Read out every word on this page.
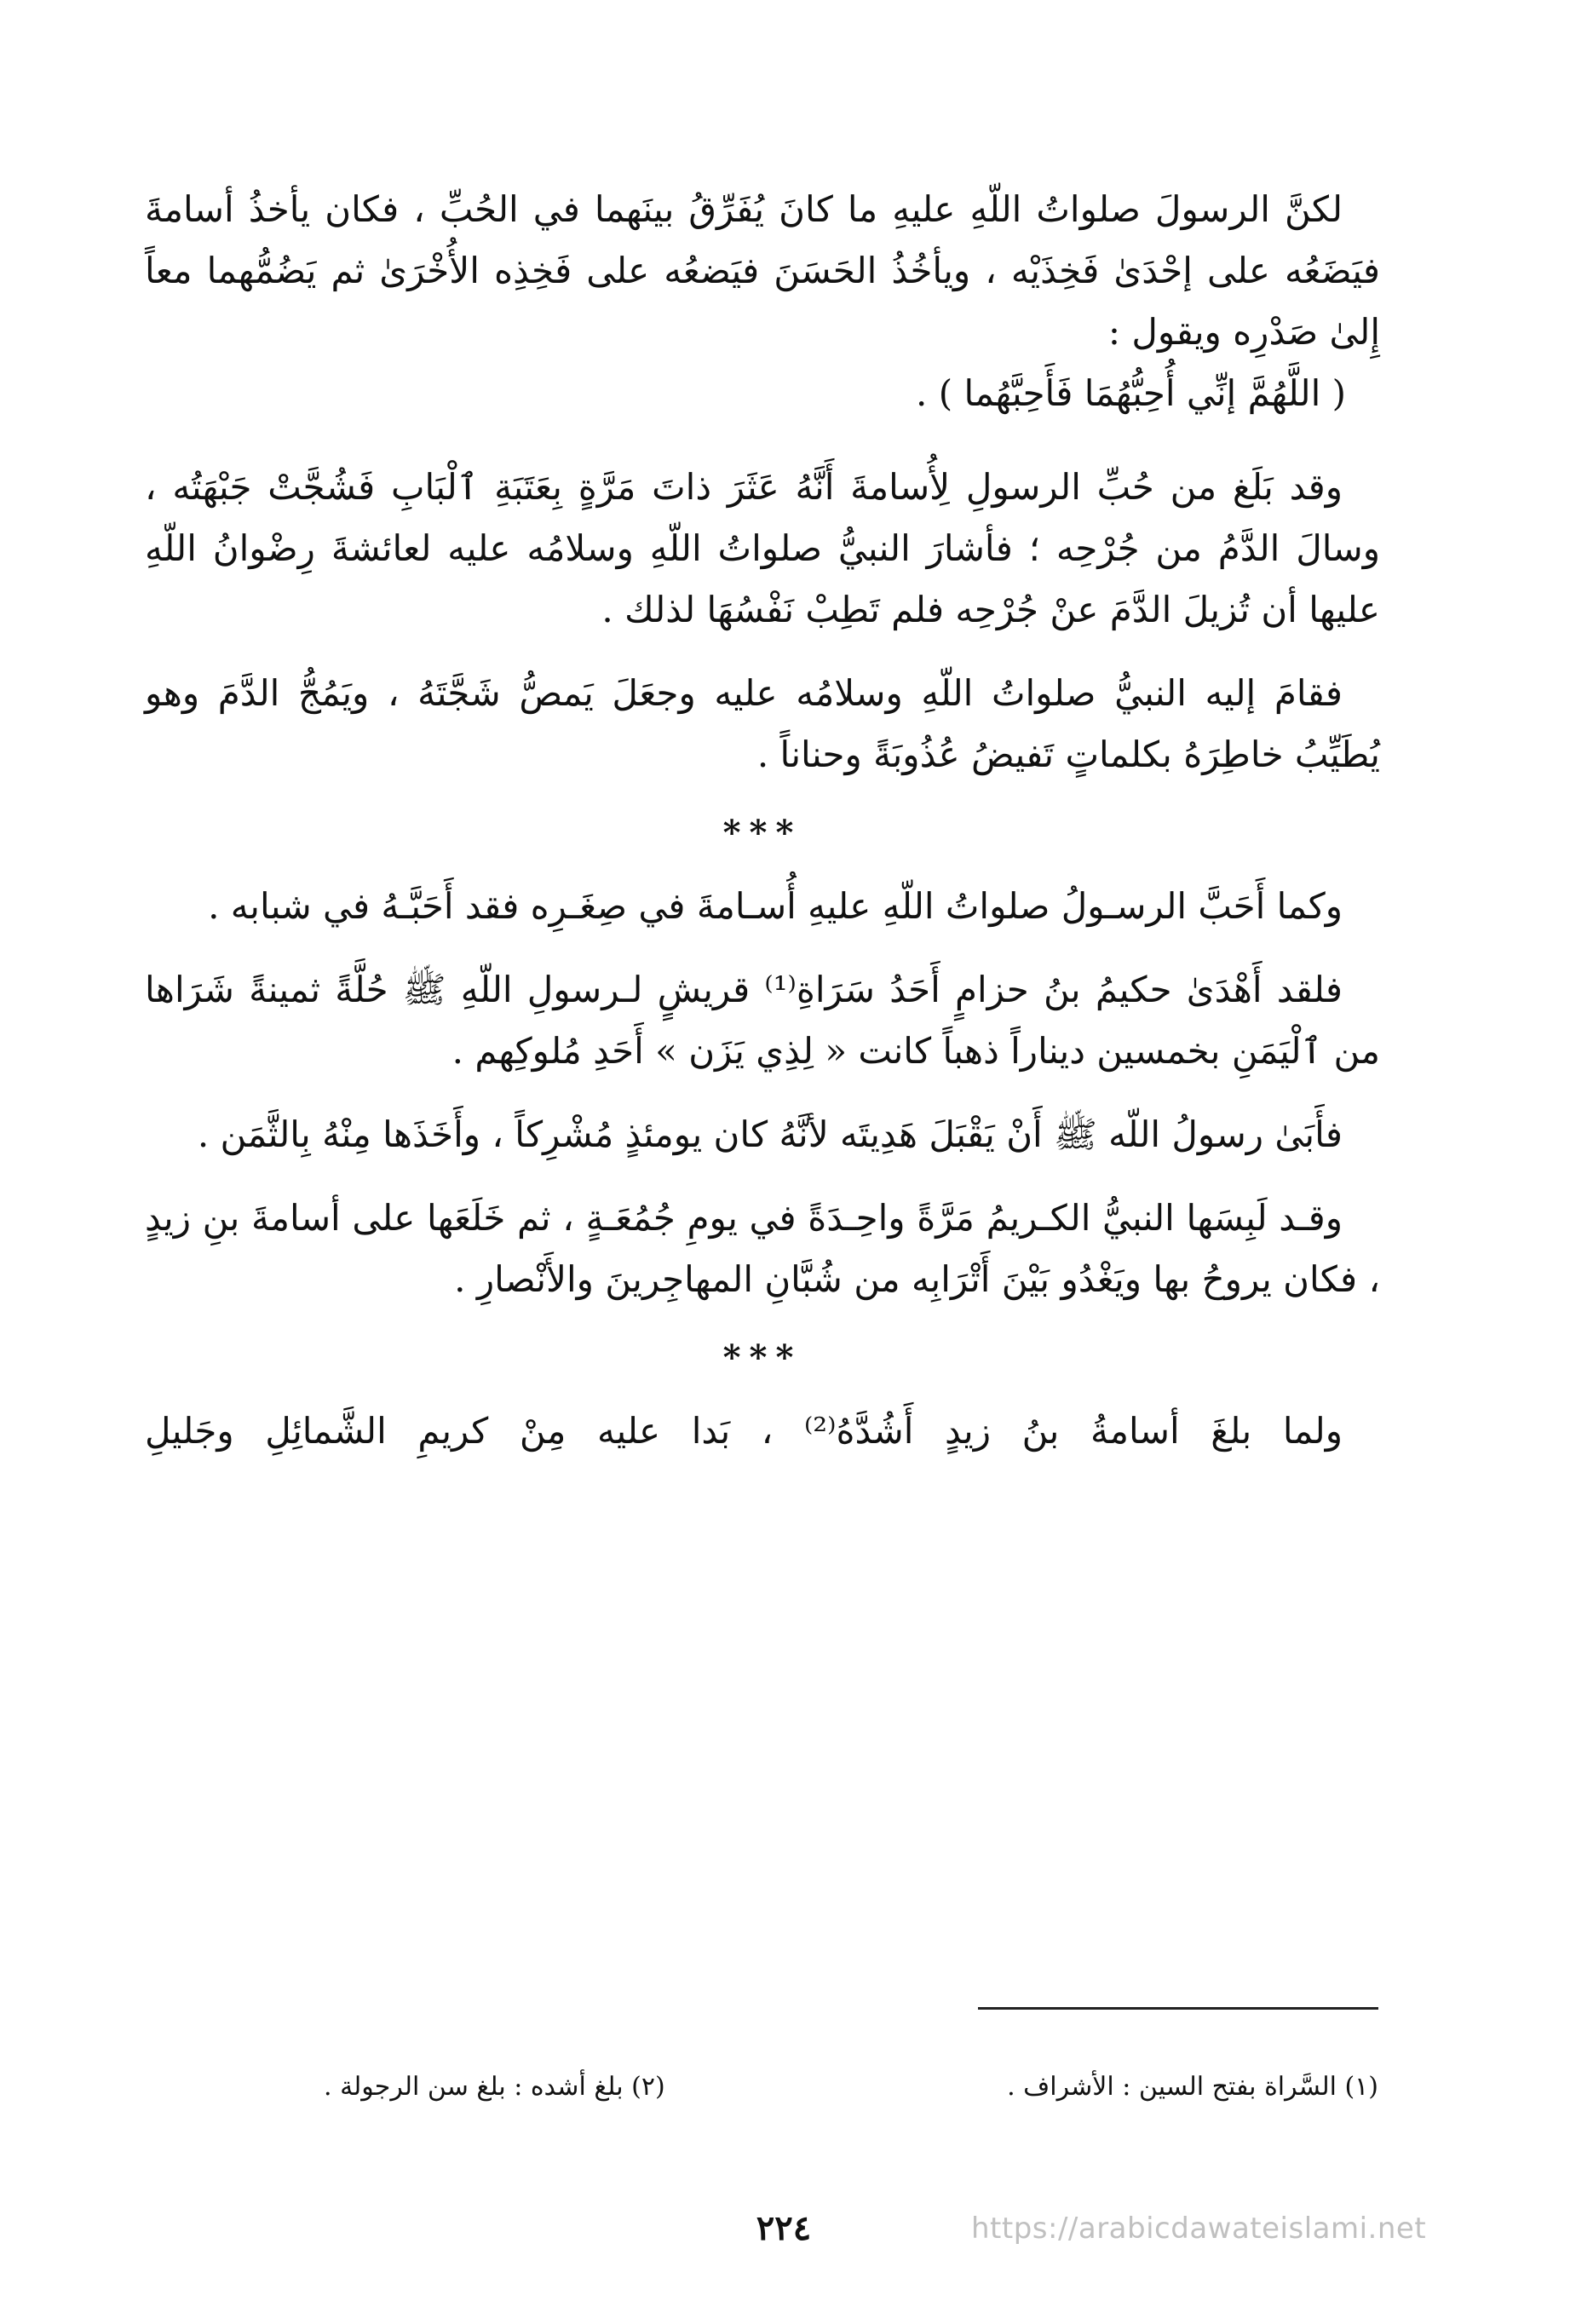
لكنَّ الرسولَ صلواتُ اللّهِ عليهِ ما كانَ يُفَرِّقُ بينَهما في الحُبِّ ، فكان يأخذُ أسامةَ فيَضَعُه على إحْدَىٰ فَخِذَيْه ، ويأخُذُ الحَسَنَ فيَضعُه على فَخِذِه الأُخْرَىٰ ثم يَضُمُّهما معاً إِلىٰ صَدْرِه ويقول :

( اللَّهُمَّ إنِّي أُحِبُّهُمَا فَأَحِبَّهُما ) .

وقد بَلَغ من حُبِّ الرسولِ لِأُسامةَ أَنَّهُ عَثَرَ ذاتَ مَرَّةٍ بِعَتَبَةِ ٱلْبَابِ فَشُجَّتْ جَبْهَتُه ، وسالَ الدَّمُ من جُرْحِه ؛ فأشارَ النبيُّ صلواتُ اللّهِ وسلامُه عليه لعائشةَ رِضْوانُ اللّهِ عليها أن تُزيلَ الدَّمَ عنْ جُرْحِه فلم تَطِبْ نَفْسُهَا لذلك .

فقامَ إليه النبيُّ صلواتُ اللّهِ وسلامُه عليه وجعَلَ يَمصُّ شَجَّتَهُ ، ويَمُجُّ الدَّمَ وهو يُطَيِّبُ خاطِرَهُ بكلماتٍ تَفيضُ عُذُوبَةً وحناناً .

***

وكما أَحَبَّ الرسـولُ صلواتُ اللّهِ عليهِ أُسـامةَ في صِغَـرِه فقد أَحَبَّـهُ في شبابه .

فلقد أَهْدَىٰ حكيمُ بنُ حزامٍ أَحَدُ سَرَاةِ⁽¹⁾ قريشٍ لـرسولِ اللّهِ ﷺ حُلَّةً ثمينةً شَرَاها من ٱلْيَمَنِ بخمسين ديناراً ذهباً كانت « لِذِي يَزَن » أَحَدِ مُلوكِهم .

فأَبَىٰ رسولُ اللّه ﷺ أَنْ يَقْبَلَ هَدِيتَه لأنَّهُ كان يومئذٍ مُشْرِكاً ، وأَخَذَها مِنْهُ بِالثَّمَن .

وقـد لَبِسَها النبيُّ الكـريمُ مَرَّةً واحِـدَةً في يومِ جُمُعَـةٍ ، ثم خَلَعَها على أسامةَ بنِ زيدٍ ، فكان يروحُ بها ويَغْدُو بَيْنَ أَتْرَابِه من شُبَّانِ المهاجِرينَ والأَنْصارِ .

***

ولما بلغَ أسامةُ بنُ زيدٍ أَشُدَّهُ⁽²⁾ ، بَدا عليه مِنْ كريمِ الشَّمائِلِ وجَليلِ

(١) السَّراة بفتح السين : الأشراف .
(٢) بلغ أشده : بلغ سن الرجولة .
٢٢٤	https://arabicdawateislami.net
